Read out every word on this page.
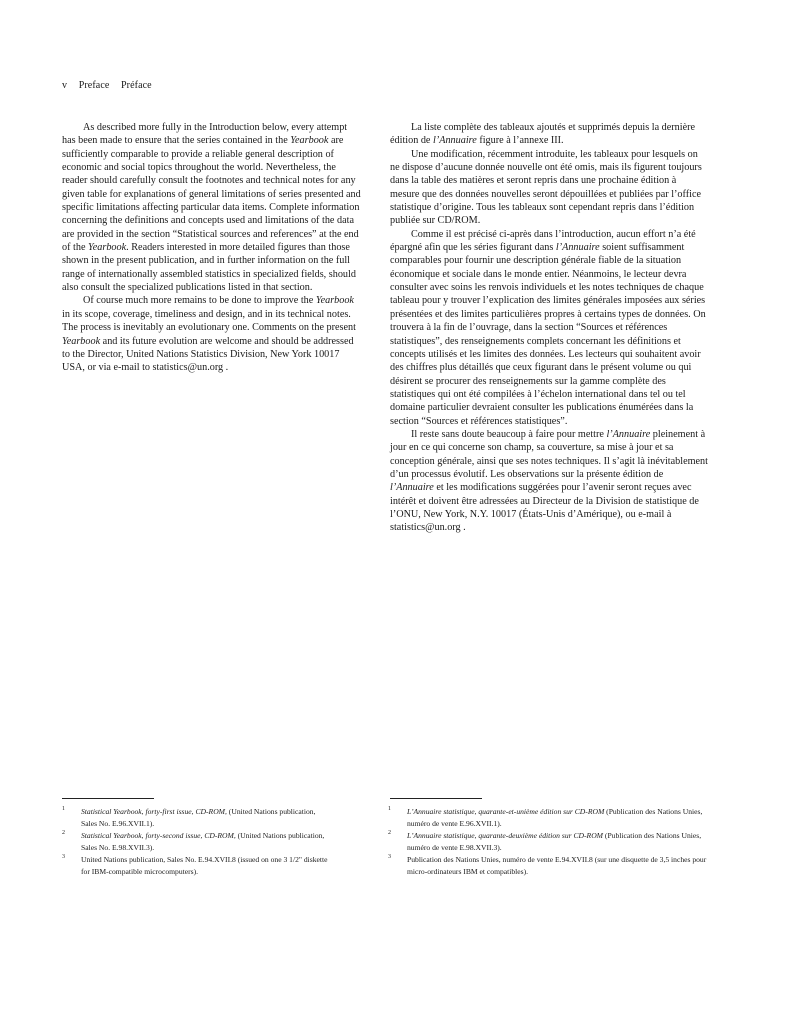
v Preface Préface

As described more fully in the Introduction below, every attempt has been made to ensure that the series contained in the Yearbook are sufficiently comparable to provide a reliable general description of economic and social topics throughout the world. Nevertheless, the reader should carefully consult the footnotes and technical notes for any given table for explanations of general limitations of series presented and specific limitations affecting particular data items. Complete information concerning the definitions and concepts used and limitations of the data are provided in the section “Statistical sources and references” at the end of the Yearbook. Readers interested in more detailed figures than those shown in the present publication, and in further information on the full range of internationally assembled statistics in specialized fields, should also consult the specialized publications listed in that section.

Of course much more remains to be done to improve the Yearbook in its scope, coverage, timeliness and design, and in its technical notes. The process is inevitably an evolutionary one. Comments on the present Yearbook and its future evolution are welcome and should be addressed to the Director, United Nations Statistics Division, New York 10017 USA, or via e-mail to statistics@un.org .

La liste complète des tableaux ajoutés et supprimés depuis la dernière édition de l’Annuaire figure à l’annexe III.

Une modification, récemment introduite, les tableaux pour lesquels on ne dispose d’aucune donnée nouvelle ont été omis, mais ils figurent toujours dans la table des matières et seront repris dans une prochaine édition à mesure que des données nouvelles seront dépouillées et publiées par l’office statistique d’origine. Tous les tableaux sont cependant repris dans l’édition publiée sur CD/ROM.

Comme il est précisé ci-après dans l’introduction, aucun effort n’a été épargné afin que les séries figurant dans l’Annuaire soient suffisamment comparables pour fournir une description générale fiable de la situation économique et sociale dans le monde entier. Néanmoins, le lecteur devra consulter avec soins les renvois individuels et les notes techniques de chaque tableau pour y trouver l’explication des limites générales imposées aux séries présentées et des limites particulières propres à certains types de données. On trouvera à la fin de l’ouvrage, dans la section “Sources et références statistiques”, des renseignements complets concernant les définitions et concepts utilisés et les limites des données. Les lecteurs qui souhaitent avoir des chiffres plus détaillés que ceux figurant dans le présent volume ou qui désirent se procurer des renseignements sur la gamme complète des statistiques qui ont été compilées à l’échelon international dans tel ou tel domaine particulier devraient consulter les publications énumérées dans la section “Sources et références statistiques”.

Il reste sans doute beaucoup à faire pour mettre l’Annuaire pleinement à jour en ce qui concerne son champ, sa couverture, sa mise à jour et sa conception générale, ainsi que ses notes techniques. Il s’agit là inévitablement d’un processus évolutif. Les observations sur la présente édition de l’Annuaire et les modifications suggérées pour l’avenir seront reçues avec intérêt et doivent être adressées au Directeur de la Division de statistique de l’ONU, New York, N.Y. 10017 (États-Unis d’Amérique), ou e-mail à statistics@un.org .

1 Statistical Yearbook, forty-first issue, CD-ROM, (United Nations publication, Sales No. E.96.XVII.1).
2 Statistical Yearbook, forty-second issue, CD-ROM, (United Nations publication, Sales No. E.98.XVII.3).
3 United Nations publication, Sales No. E.94.XVII.8 (issued on one 3 1/2" diskette for IBM-compatible microcomputers).
1 L’Annuaire statistique, quarante-et-unième édition sur CD-ROM (Publication des Nations Unies, numéro de vente E.96.XVII.1).
2 L’Annuaire statistique, quarante-deuxième édition sur CD-ROM (Publication des Nations Unies, numéro de vente E.98.XVII.3).
3 Publication des Nations Unies, numéro de vente E.94.XVII.8 (sur une disquette de 3,5 inches pour micro-ordinateurs IBM et compatibles).
